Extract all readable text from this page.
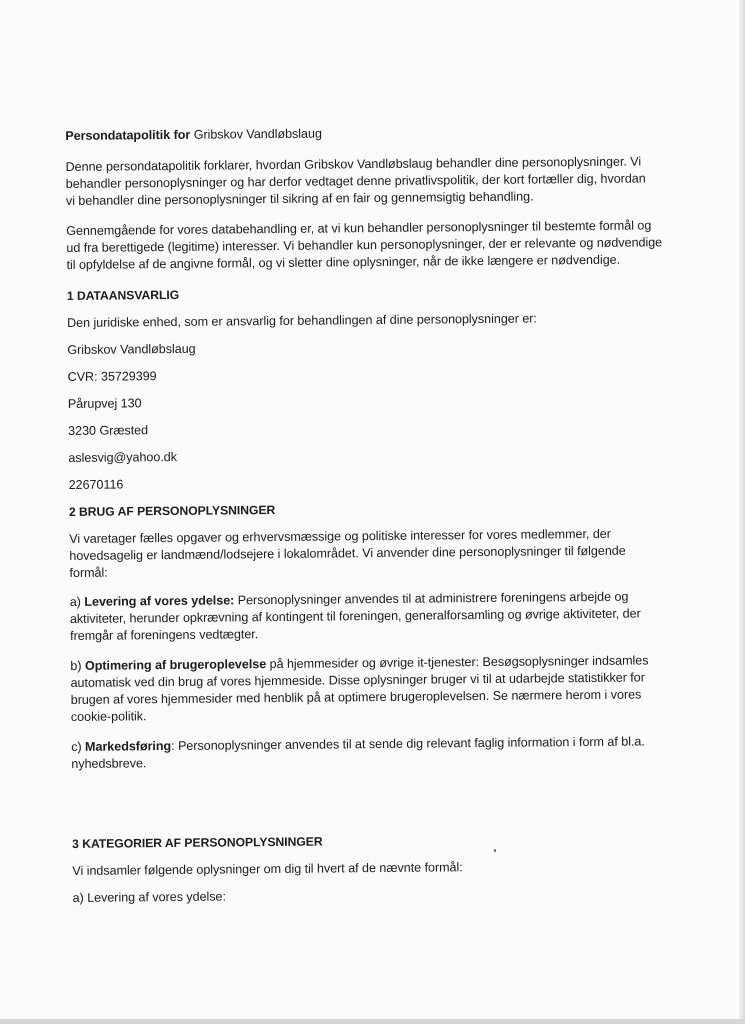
Persondatapolitik for Gribskov Vandløbslaug
Denne persondatapolitik forklarer, hvordan Gribskov Vandløbslaug behandler dine personoplysninger. Vi
behandler personoplysninger og har derfor vedtaget denne privatlivspolitik, der kort fortæller dig, hvordan
vi behandler dine personoplysninger til sikring af en fair og gennemsigtig behandling.
Gennemgående for vores databehandling er, at vi kun behandler personoplysninger til bestemte formål og
ud fra berettigede (legitime) interesser. Vi behandler kun personoplysninger, der er relevante og nødvendige
til opfyldelse af de angivne formål, og vi sletter dine oplysninger, når de ikke længere er nødvendige.
1 DATAANSVARLIG
Den juridiske enhed, som er ansvarlig for behandlingen af dine personoplysninger er:
Gribskov Vandløbslaug
CVR: 35729399
Pårupvej 130
3230 Græsted
aslesvig@yahoo.dk
22670116
2 BRUG AF PERSONOPLYSNINGER
Vi varetager fælles opgaver og erhvervsmæssige og politiske interesser for vores medlemmer, der
hovedsagelig er landmænd/lodsejere i lokalområdet. Vi anvender dine personoplysninger til følgende
formål:
a) Levering af vores ydelse: Personoplysninger anvendes til at administrere foreningens arbejde og
aktiviteter, herunder opkrævning af kontingent til foreningen, generalforsamling og øvrige aktiviteter, der
fremgår af foreningens vedtægter.
b) Optimering af brugeroplevelse på hjemmesider og øvrige it-tjenester: Besøgsoplysninger indsamles
automatisk ved din brug af vores hjemmeside. Disse oplysninger bruger vi til at udarbejde statistikker for
brugen af vores hjemmesider med henblik på at optimere brugeroplevelsen. Se nærmere herom i vores
cookie-politik.
c) Markedsføring: Personoplysninger anvendes til at sende dig relevant faglig information i form af bl.a.
nyhedsbreve.
3 KATEGORIER AF PERSONOPLYSNINGER
Vi indsamler følgende oplysninger om dig til hvert af de nævnte formål:
a) Levering af vores ydelse:
